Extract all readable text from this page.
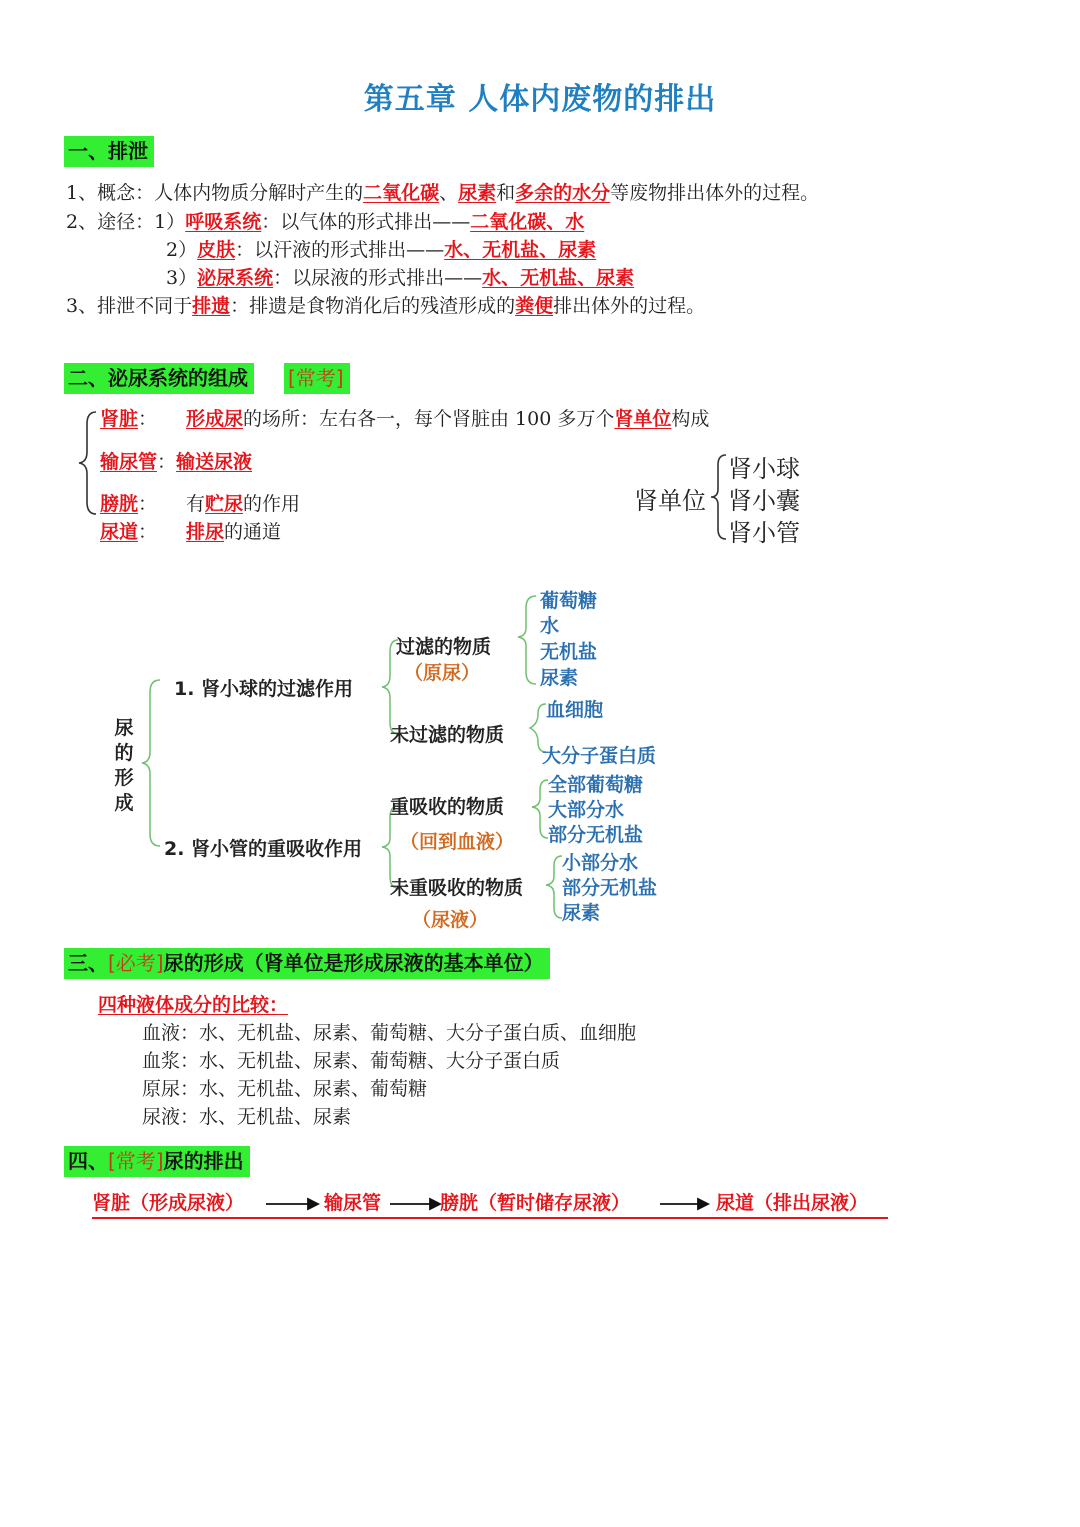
第五章 人体内废物的排出
一、排泄
1、概念：人体内物质分解时产生的二氧化碳、尿素和多余的水分等废物排出体外的过程。
2、途径：1）呼吸系统：以气体的形式排出——二氧化碳、水
2）皮肤：以汗液的形式排出——水、无机盐、尿素
3）泌尿系统：以尿液的形式排出——水、无机盐、尿素
3、排泄不同于排遗：排遗是食物消化后的残渣形成的粪便排出体外的过程。
二、泌尿系统的组成	[常考]
肾脏： 形成尿的场所：左右各一，每个肾脏由 100 多万个肾单位构成
输尿管：输送尿液
膀胱： 有贮尿的作用
尿道： 排尿的通道
肾单位
肾小球
肾小囊
肾小管
尿的形成
1. 肾小球的过滤作用
2. 肾小管的重吸收作用
过滤的物质
（原尿）
未过滤的物质
葡萄糖
水
无机盐
尿素
血细胞
大分子蛋白质
重吸收的物质
（回到血液）
全部葡萄糖
大部分水
部分无机盐
未重吸收的物质
（尿液）
小部分水
部分无机盐
尿素
三、[必考]尿的形成（肾单位是形成尿液的基本单位）
四种液体成分的比较：
血液：水、无机盐、尿素、葡萄糖、大分子蛋白质、血细胞
血浆：水、无机盐、尿素、葡萄糖、大分子蛋白质
原尿：水、无机盐、尿素、葡萄糖
尿液：水、无机盐、尿素
四、[常考]尿的排出
肾脏（形成尿液）	输尿管	膀胱（暂时储存尿液）	尿道（排出尿液）
